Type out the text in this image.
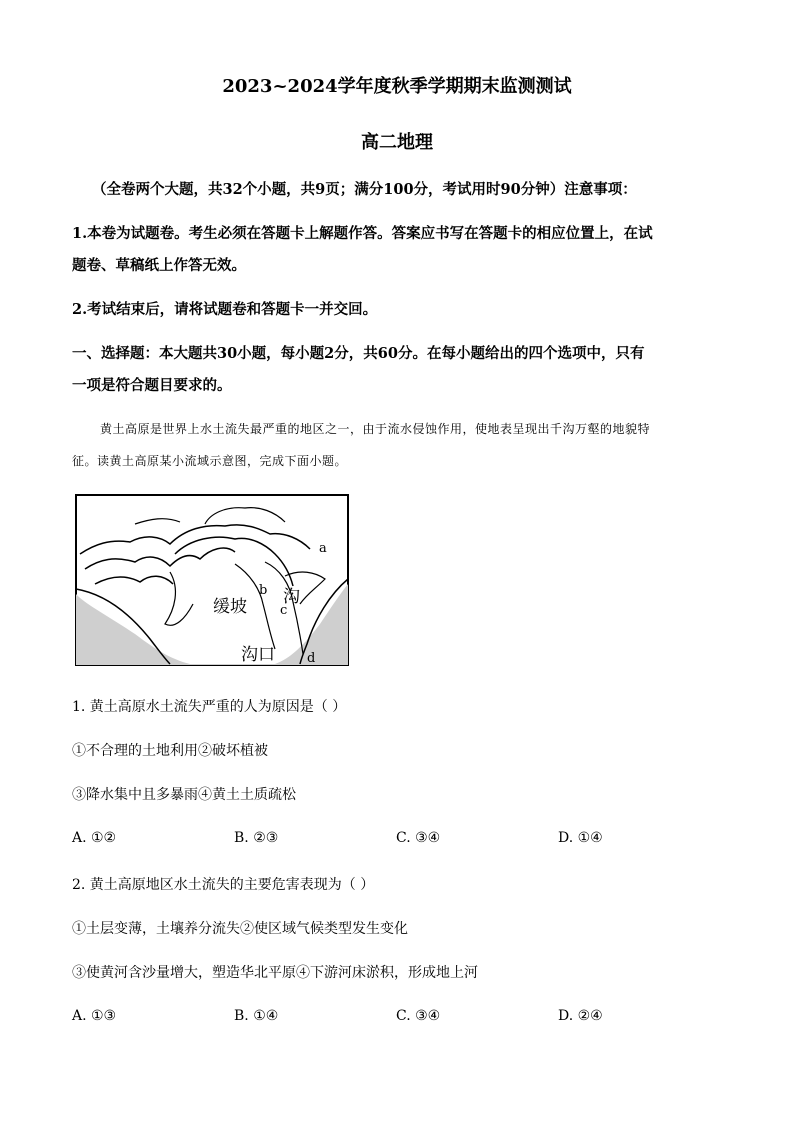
2023~2024学年度秋季学期期末监测测试
高二地理
（全卷两个大题，共32个小题，共9页；满分100分，考试用时90分钟）注意事项：
1.本卷为试题卷。考生必须在答题卡上解题作答。答案应书写在答题卡的相应位置上，在试
题卷、草稿纸上作答无效。
2.考试结束后，请将试题卷和答题卡一并交回。
一、选择题：本大题共30小题，每小题2分，共60分。在每小题给出的四个选项中，只有
一项是符合题目要求的。
黄土高原是世界上水土流失最严重的地区之一，由于流水侵蚀作用，使地表呈现出千沟万壑的地貌特
征。读黄土高原某小流域示意图，完成下面小题。
a
b
c
d
缓坡 沟
沟口
1. 黄土高原水土流失严重的人为原因是（ ）
①不合理的土地利用②破坏植被
③降水集中且多暴雨④黄土土质疏松
A. ①②	B. ②③	C. ③④	D. ①④
2. 黄土高原地区水土流失的主要危害表现为（ ）
①土层变薄，土壤养分流失②使区域气候类型发生变化
③使黄河含沙量增大，塑造华北平原④下游河床淤积，形成地上河
A. ①③	B. ①④	C. ③④	D. ②④
